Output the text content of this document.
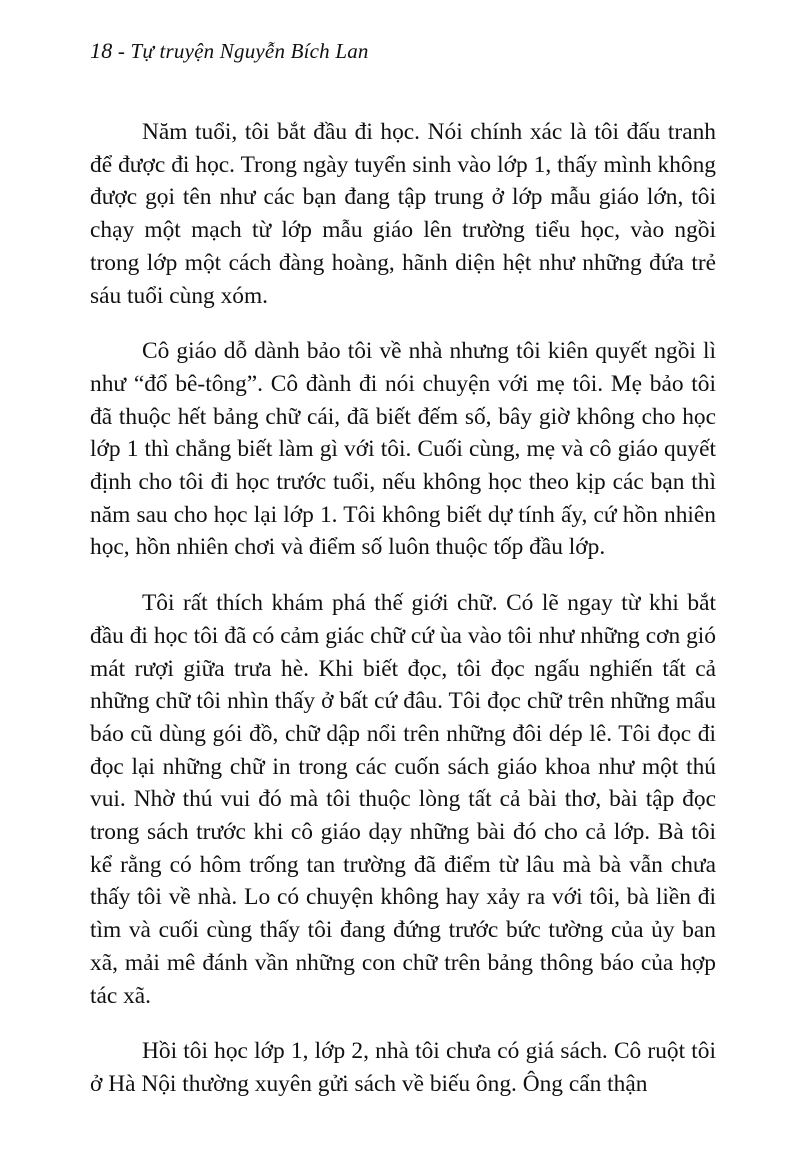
18 - Tự truyện Nguyễn Bích Lan

Năm tuổi, tôi bắt đầu đi học. Nói chính xác là tôi đấu tranh để được đi học. Trong ngày tuyển sinh vào lớp 1, thấy mình không được gọi tên như các bạn đang tập trung ở lớp mẫu giáo lớn, tôi chạy một mạch từ lớp mẫu giáo lên trường tiểu học, vào ngồi trong lớp một cách đàng hoàng, hãnh diện hệt như những đứa trẻ sáu tuổi cùng xóm.

Cô giáo dỗ dành bảo tôi về nhà nhưng tôi kiên quyết ngồi lì như “đổ bê-tông”. Cô đành đi nói chuyện với mẹ tôi. Mẹ bảo tôi đã thuộc hết bảng chữ cái, đã biết đếm số, bây giờ không cho học lớp 1 thì chẳng biết làm gì với tôi. Cuối cùng, mẹ và cô giáo quyết định cho tôi đi học trước tuổi, nếu không học theo kịp các bạn thì năm sau cho học lại lớp 1. Tôi không biết dự tính ấy, cứ hồn nhiên học, hồn nhiên chơi và điểm số luôn thuộc tốp đầu lớp.

Tôi rất thích khám phá thế giới chữ. Có lẽ ngay từ khi bắt đầu đi học tôi đã có cảm giác chữ cứ ùa vào tôi như những cơn gió mát rượi giữa trưa hè. Khi biết đọc, tôi đọc ngấu nghiến tất cả những chữ tôi nhìn thấy ở bất cứ đâu. Tôi đọc chữ trên những mẩu báo cũ dùng gói đồ, chữ dập nổi trên những đôi dép lê. Tôi đọc đi đọc lại những chữ in trong các cuốn sách giáo khoa như một thú vui. Nhờ thú vui đó mà tôi thuộc lòng tất cả bài thơ, bài tập đọc trong sách trước khi cô giáo dạy những bài đó cho cả lớp. Bà tôi kể rằng có hôm trống tan trường đã điểm từ lâu mà bà vẫn chưa thấy tôi về nhà. Lo có chuyện không hay xảy ra với tôi, bà liền đi tìm và cuối cùng thấy tôi đang đứng trước bức tường của ủy ban xã, mải mê đánh vần những con chữ trên bảng thông báo của hợp tác xã.

Hồi tôi học lớp 1, lớp 2, nhà tôi chưa có giá sách. Cô ruột tôi ở Hà Nội thường xuyên gửi sách về biếu ông. Ông cẩn thận
